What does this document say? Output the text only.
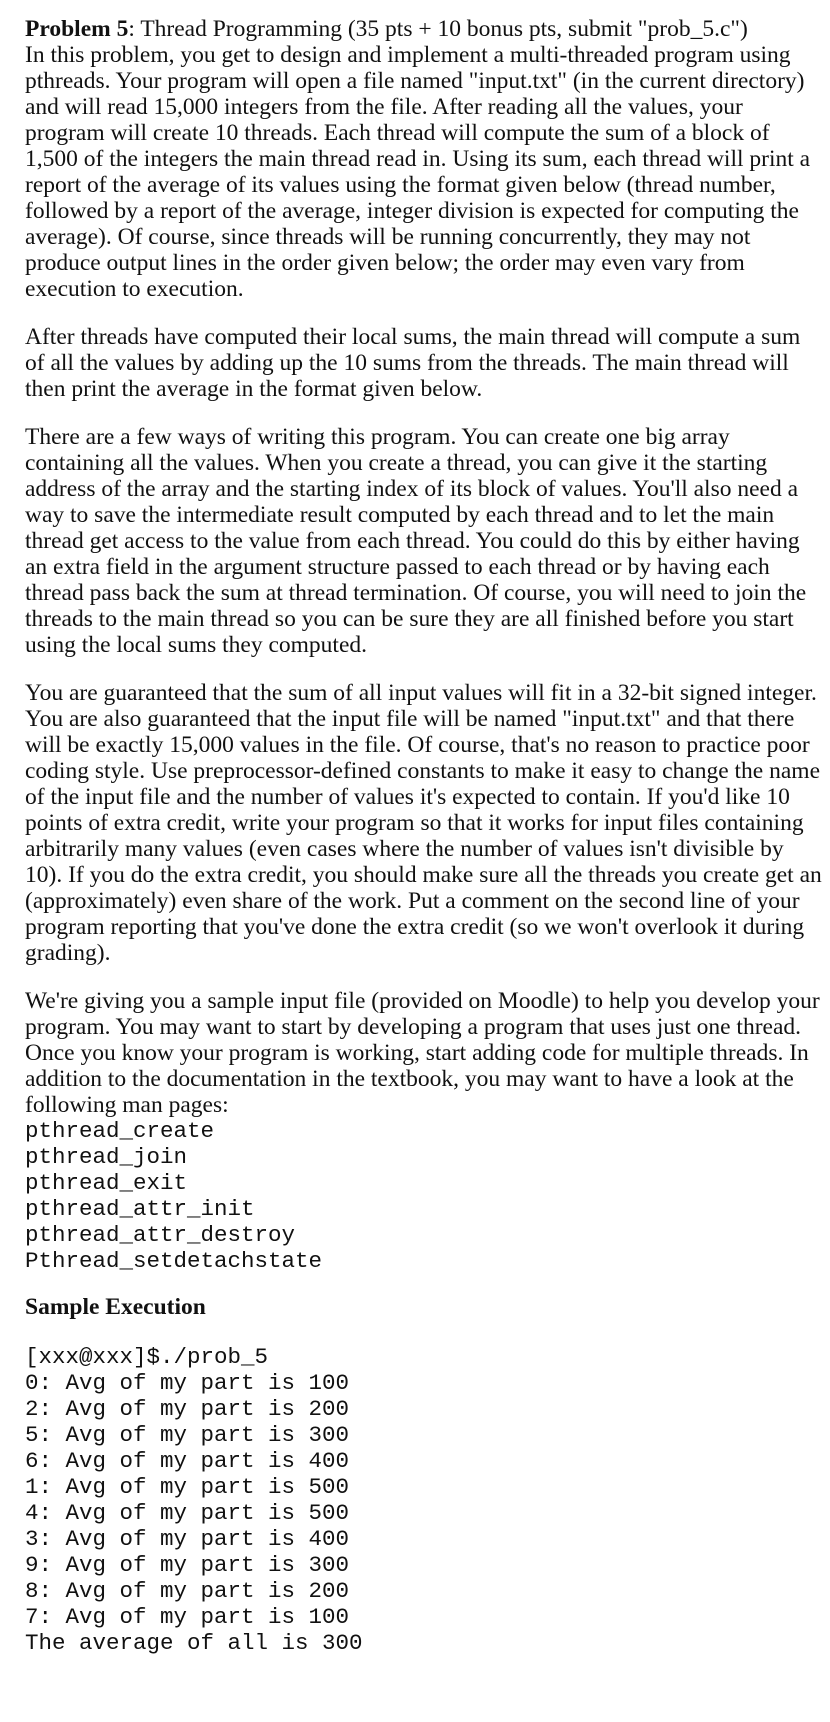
Problem 5: Thread Programming (35 pts + 10 bonus pts, submit "prob_5.c")

In this problem, you get to design and implement a multi-threaded program using pthreads. Your program will open a file named "input.txt" (in the current directory) and will read 15,000 integers from the file. After reading all the values, your program will create 10 threads. Each thread will compute the sum of a block of 1,500 of the integers the main thread read in. Using its sum, each thread will print a report of the average of its values using the format given below (thread number, followed by a report of the average, integer division is expected for computing the average). Of course, since threads will be running concurrently, they may not produce output lines in the order given below; the order may even vary from execution to execution.

After threads have computed their local sums, the main thread will compute a sum of all the values by adding up the 10 sums from the threads. The main thread will then print the average in the format given below.

There are a few ways of writing this program. You can create one big array containing all the values. When you create a thread, you can give it the starting address of the array and the starting index of its block of values. You'll also need a way to save the intermediate result computed by each thread and to let the main thread get access to the value from each thread. You could do this by either having an extra field in the argument structure passed to each thread or by having each thread pass back the sum at thread termination. Of course, you will need to join the threads to the main thread so you can be sure they are all finished before you start using the local sums they computed.

You are guaranteed that the sum of all input values will fit in a 32-bit signed integer. You are also guaranteed that the input file will be named "input.txt" and that there will be exactly 15,000 values in the file. Of course, that's no reason to practice poor coding style. Use preprocessor-defined constants to make it easy to change the name of the input file and the number of values it's expected to contain. If you'd like 10 points of extra credit, write your program so that it works for input files containing arbitrarily many values (even cases where the number of values isn't divisible by 10). If you do the extra credit, you should make sure all the threads you create get an (approximately) even share of the work. Put a comment on the second line of your program reporting that you've done the extra credit (so we won't overlook it during grading).

We're giving you a sample input file (provided on Moodle) to help you develop your program. You may want to start by developing a program that uses just one thread. Once you know your program is working, start adding code for multiple threads. In addition to the documentation in the textbook, you may want to have a look at the following man pages:

pthread_create
pthread_join
pthread_exit
pthread_attr_init
pthread_attr_destroy
Pthread_setdetachstate

Sample Execution

[xxx@xxx]$./prob_5
0: Avg of my part is 100
2: Avg of my part is 200
5: Avg of my part is 300
6: Avg of my part is 400
1: Avg of my part is 500
4: Avg of my part is 500
3: Avg of my part is 400
9: Avg of my part is 300
8: Avg of my part is 200
7: Avg of my part is 100
The average of all is 300
